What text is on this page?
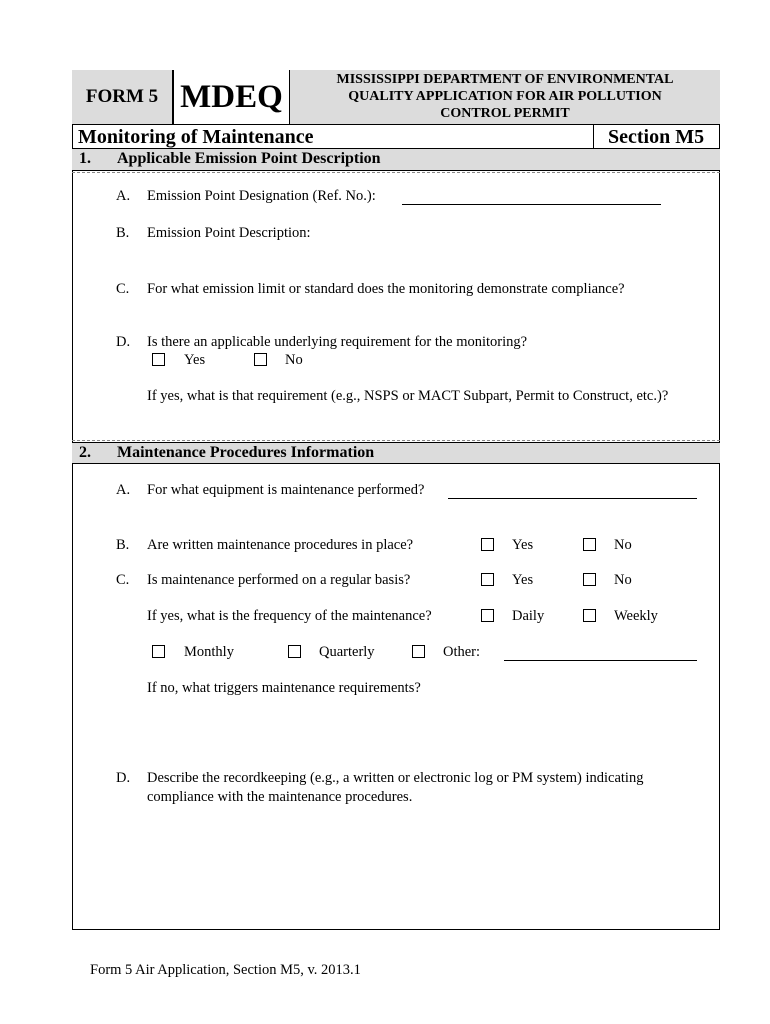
FORM 5 MDEQ	MISSISSIPPI DEPARTMENT OF ENVIRONMENTAL
QUALITY APPLICATION FOR AIR POLLUTION
CONTROL PERMIT
Monitoring of Maintenance	Section M5
1. Applicable Emission Point Description
A. Emission Point Designation (Ref. No.):
B. Emission Point Description:
C. For what emission limit or standard does the monitoring demonstrate compliance?
D. Is there an applicable underlying requirement for the monitoring?
Yes	No
If yes, what is that requirement (e.g., NSPS or MACT Subpart, Permit to Construct, etc.)?
2. Maintenance Procedures Information
A. For what equipment is maintenance performed?
B. Are written maintenance procedures in place?	Yes	No
C. Is maintenance performed on a regular basis?	Yes	No
If yes, what is the frequency of the maintenance?	Daily	Weekly
Monthly	Quarterly	Other:
If no, what triggers maintenance requirements?
D. Describe the recordkeeping (e.g., a written or electronic log or PM system) indicating
compliance with the maintenance procedures.
Form 5 Air Application, Section M5, v. 2013.1
